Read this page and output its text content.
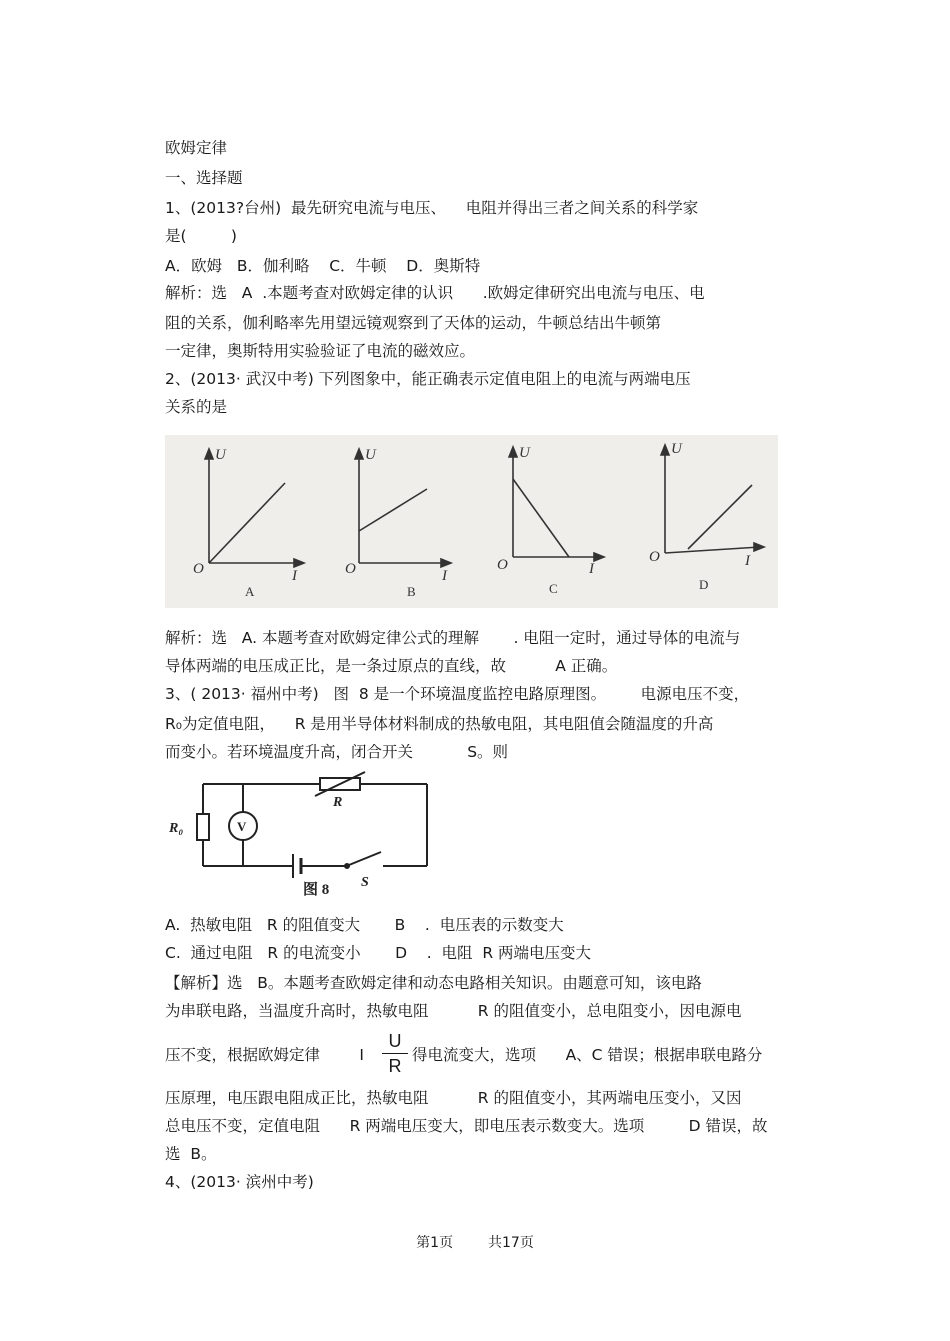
欧姆定律
一、选择题
1、(2013?台州)  最先研究电流与电压、    电阻并得出三者之间关系的科学家
是(         )
A．欧姆   B．伽利略    C．牛顿    D．奥斯特
解析：选   A  .本题考查对欧姆定律的认识      .欧姆定律研究出电流与电压、电
阻的关系，伽利略率先用望远镜观察到了天体的运动，牛顿总结出牛顿第
一定律，奥斯特用实验验证了电流的磁效应。
2、(2013· 武汉中考) 下列图象中，能正确表示定值电阻上的电流与两端电压
关系的是
解析：选   A. 本题考查对欧姆定律公式的理解       . 电阻一定时，通过导体的电流与
导体两端的电压成正比，是一条过原点的直线，故          A 正确。
3、( 2013· 福州中考)   图  8 是一个环境温度监控电路原理图。       电源电压不变，
R₀为定值电阻，    R 是用半导体材料制成的热敏电阻，其电阻值会随温度的升高
而变小。若环境温度升高，闭合开关           S。则
A.  热敏电阻   R 的阻值变大       B    .  电压表的示数变大
C.  通过电阻   R 的电流变小       D    .  电阻  R 两端电压变大
【解析】选   B。本题考查欧姆定律和动态电路相关知识。由题意可知，该电路
为串联电路，当温度升高时，热敏电阻          R 的阻值变小，总电阻变小，因电源电
压不变，根据欧姆定律        I	得电流变大，选项      A、C 错误；根据串联电路分
压原理，电压跟电阻成正比，热敏电阻          R 的阻值变小，其两端电压变小，又因
总电压不变，定值电阻      R 两端电压变大，即电压表示数变大。选项         D 错误，故
选  B。
4、(2013· 滨州中考)
U
I
O
U
I
O
U
I
O
U
I
O
A	B	C	D
R₀
R
S
V
图 8
U
R
第1页 共17页
